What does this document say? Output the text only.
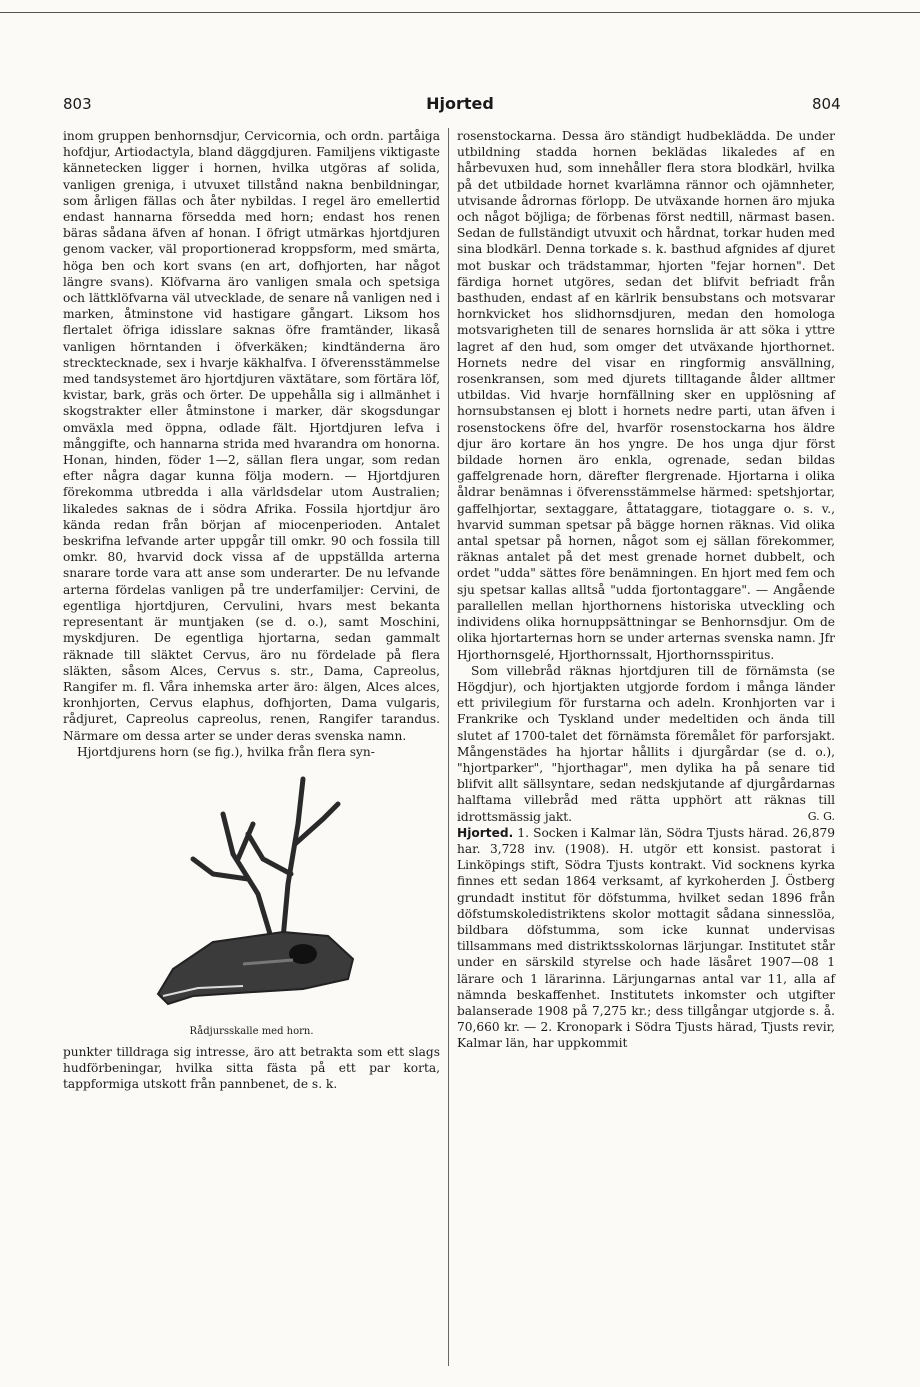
803	Hjorted	804

inom gruppen benhornsdjur, Cervicornia, och ordn. partåiga hofdjur, Artiodactyla, bland däggdjuren. Familjens viktigaste kännetecken ligger i hornen, hvilka utgöras af solida, vanligen greniga, i utvuxet tillstånd nakna benbildningar, som årligen fällas och åter nybildas. I regel äro emellertid endast hannarna försedda med horn; endast hos renen bäras sådana äfven af honan. I öfrigt utmärkas hjortdjuren genom vacker, väl proportionerad kroppsform, med smärta, höga ben och kort svans (en art, dofhjorten, har något längre svans). Klöfvarna äro vanligen smala och spetsiga och lättklöfvarna väl utvecklade, de senare nå vanligen ned i marken, åtminstone vid hastigare gångart. Liksom hos flertalet öfriga idisslare saknas öfre framtänder, likaså vanligen hörntanden i öfverkäken; kindtänderna äro strecktecknade, sex i hvarje käkhalfva. I öfverensstämmelse med tandsystemet äro hjortdjuren växtätare, som förtära löf, kvistar, bark, gräs och örter. De uppehålla sig i allmänhet i skogstrakter eller åtminstone i marker, där skogsdungar omväxla med öppna, odlade fält. Hjortdjuren lefva i månggifte, och hannarna strida med hvarandra om honorna. Honan, hinden, föder 1—2, sällan flera ungar, som redan efter några dagar kunna följa modern. — Hjortdjuren förekomma utbredda i alla världsdelar utom Australien; likaledes saknas de i södra Afrika. Fossila hjortdjur äro kända redan från början af miocenperioden. Antalet beskrifna lefvande arter uppgår till omkr. 90 och fossila till omkr. 80, hvarvid dock vissa af de uppställda arterna snarare torde vara att anse som underarter. De nu lefvande arterna fördelas vanligen på tre underfamiljer: Cervini, de egentliga hjortdjuren, Cervulini, hvars mest bekanta representant är muntjaken (se d. o.), samt Moschini, myskdjuren. De egentliga hjortarna, sedan gammalt räknade till släktet Cervus, äro nu fördelade på flera släkten, såsom Alces, Cervus s. str., Dama, Capreolus, Rangifer m. fl. Våra inhemska arter äro: älgen, Alces alces, kronhjorten, Cervus elaphus, dofhjorten, Dama vulgaris, rådjuret, Capreolus capreolus, renen, Rangifer tarandus. Närmare om dessa arter se under deras svenska namn.

Hjortdjurens horn (se fig.), hvilka från flera syn-

Rådjursskalle med horn.

punkter tilldraga sig intresse, äro att betrakta som ett slags hudförbeningar, hvilka sitta fästa på ett par korta, tappformiga utskott från pannbenet, de s. k.

rosenstockarna. Dessa äro ständigt hudbeklädda. De under utbildning stadda hornen beklädas likaledes af en hårbevuxen hud, som innehåller flera stora blodkärl, hvilka på det utbildade hornet kvarlämna rännor och ojämnheter, utvisande ådrornas förlopp. De utväxande hornen äro mjuka och något böjliga; de förbenas först nedtill, närmast basen. Sedan de fullständigt utvuxit och hårdnat, torkar huden med sina blodkärl. Denna torkade s. k. basthud afgnides af djuret mot buskar och trädstammar, hjorten "fejar hornen". Det färdiga hornet utgöres, sedan det blifvit befriadt från basthuden, endast af en kärlrik bensubstans och motsvarar hornkvicket hos slidhornsdjuren, medan den homologa motsvarigheten till de senares hornslida är att söka i yttre lagret af den hud, som omger det utväxande hjorthornet. Hornets nedre del visar en ringformig ansvällning, rosenkransen, som med djurets tilltagande ålder alltmer utbildas. Vid hvarje hornfällning sker en upplösning af hornsubstansen ej blott i hornets nedre parti, utan äfven i rosenstockens öfre del, hvarför rosenstockarna hos äldre djur äro kortare än hos yngre. De hos unga djur först bildade hornen äro enkla, ogrenade, sedan bildas gaffelgrenade horn, därefter flergrenade. Hjortarna i olika åldrar benämnas i öfverensstämmelse härmed: spetshjortar, gaffelhjortar, sextaggare, åttataggare, tiotaggare o. s. v., hvarvid summan spetsar på bägge hornen räknas. Vid olika antal spetsar på hornen, något som ej sällan förekommer, räknas antalet på det mest grenade hornet dubbelt, och ordet "udda" sättes före benämningen. En hjort med fem och sju spetsar kallas alltså "udda fjortontaggare". — Angående parallellen mellan hjorthornens historiska utveckling och individens olika hornuppsättningar se Benhornsdjur. Om de olika hjortarternas horn se under arternas svenska namn. Jfr Hjorthornsgelé, Hjorthornssalt, Hjorthornsspiritus.

Som villebråd räknas hjortdjuren till de förnämsta (se Högdjur), och hjortjakten utgjorde fordom i många länder ett privilegium för furstarna och adeln. Kronhjorten var i Frankrike och Tyskland under medeltiden och ända till slutet af 1700-talet det förnämsta föremålet för parforsjakt. Mångenstädes ha hjortar hållits i djurgårdar (se d. o.), "hjortparker", "hjorthagar", men dylika ha på senare tid blifvit allt sällsyntare, sedan nedskjutande af djurgårdarnas halftama villebråd med rätta upphört att räknas till idrottsmässig jakt.	G. G.

Hjorted. 1. Socken i Kalmar län, Södra Tjusts härad. 26,879 har. 3,728 inv. (1908). H. utgör ett konsist. pastorat i Linköpings stift, Södra Tjusts kontrakt. Vid socknens kyrka finnes ett sedan 1864 verksamt, af kyrkoherden J. Östberg grundadt institut för döfstumma, hvilket sedan 1896 från döfstumskoledistriktens skolor mottagit sådana sinnesslöa, bildbara döfstumma, som icke kunnat undervisas tillsammans med distriktsskolornas lärjungar. Institutet står under en särskild styrelse och hade läsåret 1907—08 1 lärare och 1 lärarinna. Lärjungarnas antal var 11, alla af nämnda beskaffenhet. Institutets inkomster och utgifter balanserade 1908 på 7,275 kr.; dess tillgångar utgjorde s. å. 70,660 kr. — 2. Kronopark i Södra Tjusts härad, Tjusts revir, Kalmar län, har uppkommit
